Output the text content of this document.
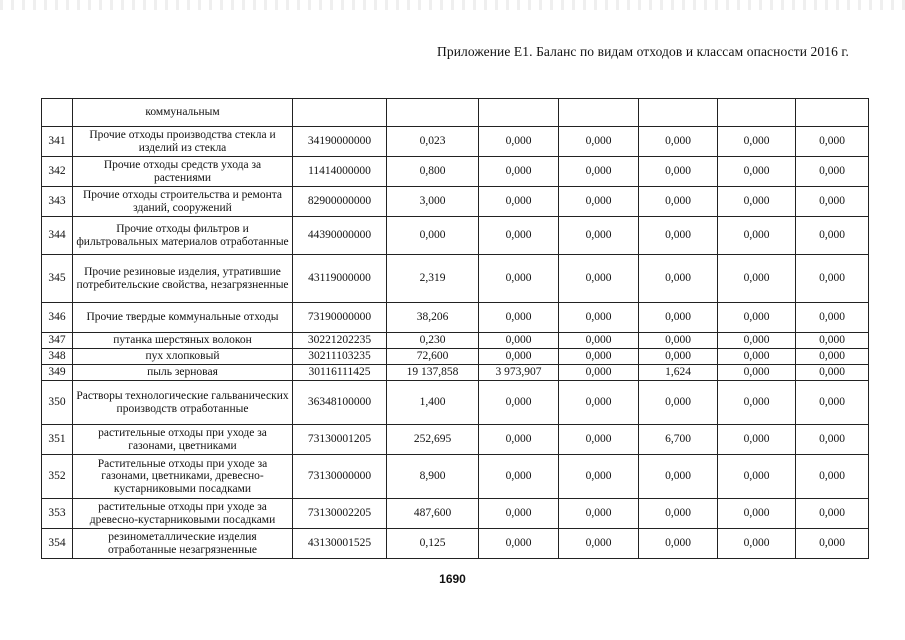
Приложение Е1. Баланс по видам отходов и классам опасности 2016 г.
	коммунальным							
341	Прочие отходы производства стекла и изделий из стекла	34190000000	0,023	0,000	0,000	0,000	0,000	0,000
342	Прочие отходы средств ухода за растениями	11414000000	0,800	0,000	0,000	0,000	0,000	0,000
343	Прочие отходы строительства и ремонта зданий, сооружений	82900000000	3,000	0,000	0,000	0,000	0,000	0,000
344	Прочие отходы фильтров и фильтровальных материалов отработанные	44390000000	0,000	0,000	0,000	0,000	0,000	0,000
345	Прочие резиновые изделия, утратившие потребительские свойства, незагрязненные	43119000000	2,319	0,000	0,000	0,000	0,000	0,000
346	Прочие твердые коммунальные отходы	73190000000	38,206	0,000	0,000	0,000	0,000	0,000
347	путанка шерстяных волокон	30221202235	0,230	0,000	0,000	0,000	0,000	0,000
348	пух хлопковый	30211103235	72,600	0,000	0,000	0,000	0,000	0,000
349	пыль зерновая	30116111425	19 137,858	3 973,907	0,000	1,624	0,000	0,000
350	Растворы технологические гальванических производств отработанные	36348100000	1,400	0,000	0,000	0,000	0,000	0,000
351	растительные отходы при уходе за газонами, цветниками	73130001205	252,695	0,000	0,000	6,700	0,000	0,000
352	Растительные отходы при уходе за газонами, цветниками, древесно-кустарниковыми посадками	73130000000	8,900	0,000	0,000	0,000	0,000	0,000
353	растительные отходы при уходе за древесно-кустарниковыми посадками	73130002205	487,600	0,000	0,000	0,000	0,000	0,000
354	резинометаллические изделия отработанные незагрязненные	43130001525	0,125	0,000	0,000	0,000	0,000	0,000
1690
